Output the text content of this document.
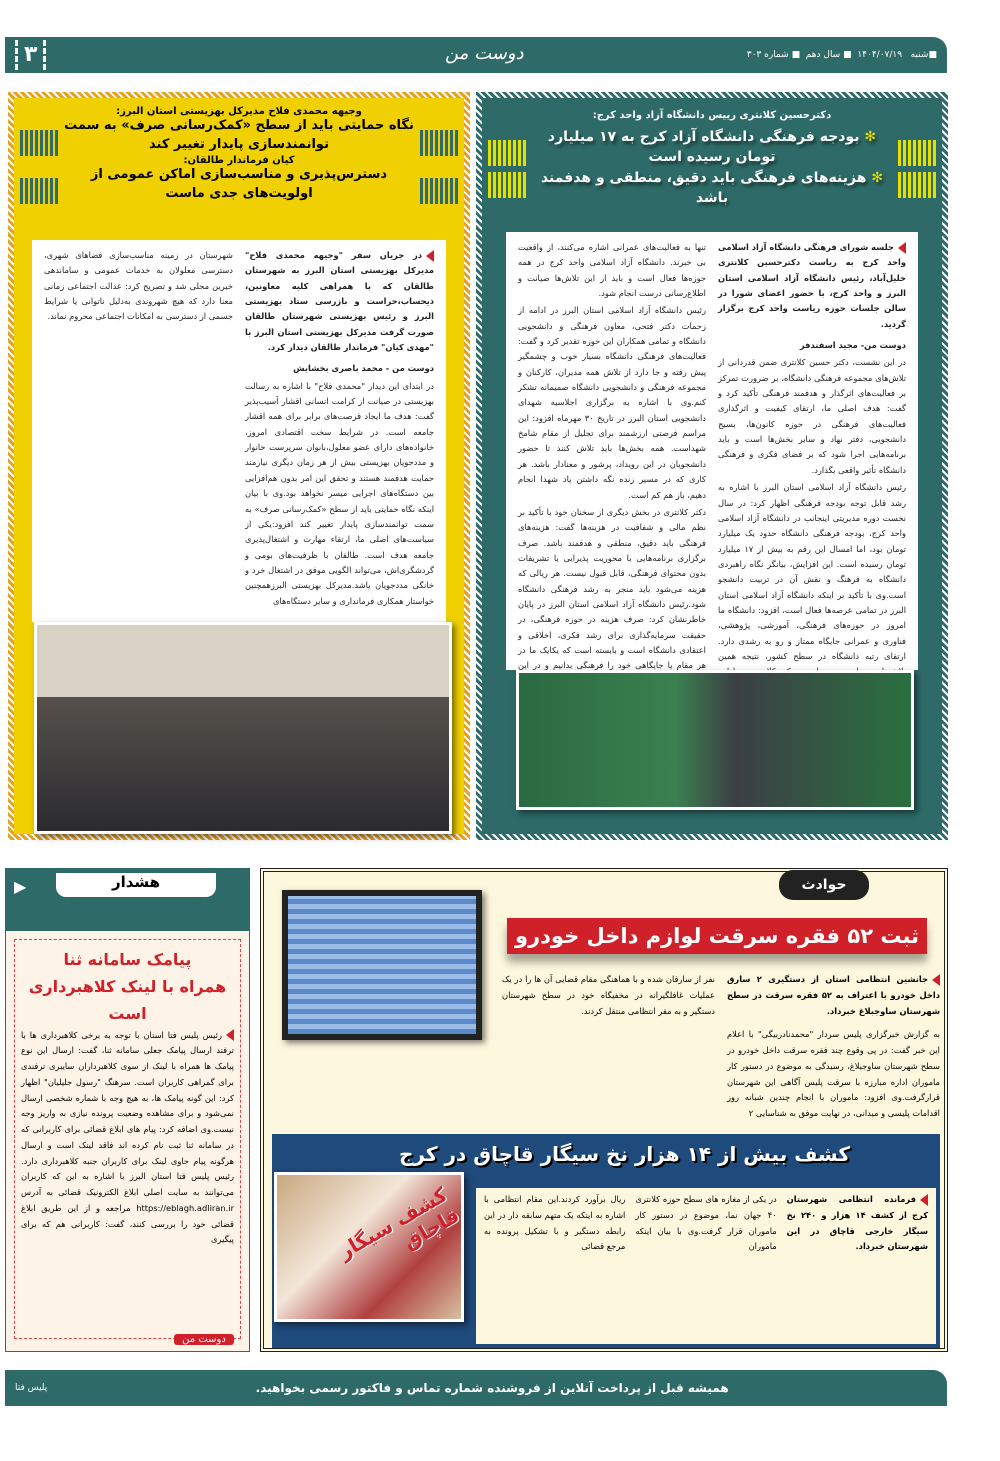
■شنبه   ۱۴۰۴/۰۷/۱۹  ■ سال دهم  ■ شماره ۳۰۳
دوست من
۳
دکترحسین کلانتری رییس دانشگاه آزاد واحد کرج:
✻ بودجه فرهنگی دانشگاه آزاد کرج به ۱۷ میلیارد تومان رسیده است
✻ هزینه‌های فرهنگی باید دقیق، منطقی و هدفمند باشد

جلسه شورای فرهنگی دانشگاه آزاد اسلامی واحد کرج به ریاست دکترحسین کلانتری خلیل‌آباد، رئیس دانشگاه آزاد اسلامی استان البرز و واحد کرج، با حضور اعضای شورا در سالن جلسات حوزه ریاست واحد کرج برگزار گردید.

دوست من- مجید اسفندفر

در این نشست، دکتر حسین کلانتری ضمن قدردانی از تلاش‌های مجموعه فرهنگی دانشگاه، بر ضرورت تمرکز بر فعالیت‌های اثرگذار و هدفمند فرهنگی تأکید کرد و گفت: هدف اصلی ما، ارتقای کیفیت و اثرگذاری فعالیت‌های فرهنگی در حوزه کانون‌ها، بسیج دانشجویی، دفتر نهاد و سایر بخش‌ها است و باید برنامه‌هایی اجرا شود که بر فضای فکری و فرهنگی دانشگاه تأثیر واقعی بگذارد.

رئیس دانشگاه آزاد اسلامی استان البرز با اشاره به رشد قابل توجه بودجه فرهنگی اظهار کرد: در سال نخست دوره مدیریتی اینجانب در دانشگاه آزاد اسلامی واحد کرج، بودجه فرهنگی دانشگاه حدود یک میلیارد تومان بود، اما امسال این رقم به بیش از ۱۷ میلیارد تومان رسیده است. این افزایش، بیانگر نگاه راهبردی دانشگاه به فرهنگ و نقش آن در تربیت دانشجو است.وی با تأکید بر اینکه دانشگاه آزاد اسلامی استان البرز در تمامی عرصه‌ها فعال است، افزود: دانشگاه ما امروز در حوزه‌های فرهنگی، آموزشی، پژوهشی، فناوری و عمرانی جایگاه ممتاز و رو به رشدی دارد. ارتقای رتبه دانشگاه در سطح کشور، نتیجه همین

تنها به فعالیت‌های عمرانی اشاره می‌کنند، از واقعیت بی خبرند. دانشگاه آزاد اسلامی واحد کرج در همه حوزه‌ها فعال است و باید از این تلاش‌ها صیانت و اطلاع‌رسانی درست انجام شود.

رئیس دانشگاه آزاد اسلامی استان البرز در ادامه از زحمات دکتر فتحی، معاون فرهنگی و دانشجویی دانشگاه و تمامی همکاران این حوزه تقدیر کرد و گفت: فعالیت‌های فرهنگی دانشگاه بسیار خوب و چشمگیر پیش رفته و جا دارد از تلاش همه مدیران، کارکنان و مجموعه فرهنگی و دانشجویی دانشگاه صمیمانه تشکر کنم.وی با اشاره به برگزاری اجلاسیه شهدای دانشجویی استان البرز در تاریخ ۳۰ مهرماه افزود: این مراسم فرصتی ارزشمند برای تجلیل از مقام شامخ شهداست. همه بخش‌ها باید تلاش کنند تا حضور دانشجویان در این رویداد، پرشور و معنادار باشد. هر کاری که در مسیر زنده نگه داشتن یاد شهدا انجام دهیم، باز هم کم است.

دکتر کلانتری در بخش دیگری از سخنان خود با تأکید بر نظم مالی و شفافیت در هزینه‌ها گفت: هزینه‌های فرهنگی باید دقیق، منطقی و هدفمند باشد. صرف برگزاری برنامه‌هایی با محوریت پذیرایی یا تشریفات بدون محتوای فرهنگی، قابل قبول نیست. هر ریالی که هزینه می‌شود باید منجر به رشد فرهنگی دانشگاه شود.رئیس دانشگاه آزاد اسلامی استان البرز در پایان خاطرنشان کرد: صرف هزینه در حوزه فرهنگی، در حقیقت سرمایه‌گذاری برای رشد فکری، اخلاقی و اعتقادی دانشگاه است و بایسته است که یکایک ما در هر مقام یا جایگاهی خود را فرهنگی بدانیم و در این

وجیهه محمدی فلاح مدیرکل بهزیستی استان البرز:
نگاه حمایتی باید از سطح «کمک‌رسانی صرف» به سمت توانمندسازی پایدار تغییر کند
کیان فرماندار طالقان:
دسترس‌پذیری و مناسب‌سازی اماکن عمومی از اولویت‌های جدی ماست

در جریان سفر "وجیهه محمدی فلاح" مدیرکل بهزیستی استان البرز به شهرستان طالقان که با همراهی کلیه معاونین، ذیحساب،حراست و بازرسی ستاد بهزیستی البرز و رئیس بهزیستی شهرستان طالقان صورت گرفت مدیرکل بهزیستی استان البرز با "مهدی کیان" فرماندار طالقان دیدار کرد.

دوست من - محمد باصری بخشایش

در ابتدای این دیدار "محمدی فلاح" با اشاره به رسالت بهزیستی در صیانت از کرامت انسانی اقشار آسیب‌پذیر گفت: هدف ما ایجاد فرصت‌های برابر برای همه اقشار جامعه است. در شرایط سخت اقتصادی امروز، خانواده‌های دارای عضو معلول،بانوان سرپرست خانوار و مددجویان بهزیستی بیش از هر زمان دیگری نیازمند حمایت هدفمند هستند و تحقق این امر بدون هم‌افزایی بین دستگاه‌های اجرایی میسر نخواهد بود.وی با بیان اینکه نگاه حمایتی باید از سطح «کمک‌رسانی صرف» به سمت توانمندسازی پایدار تغییر کند افزود:یکی از سیاست‌های اصلی ما، ارتقاء مهارت و اشتغال‌پذیری جامعه هدف است. طالقان با ظرفیت‌های بومی و گردشگری‌اش، می‌تواند الگویی موفق در اشتغال خرد و خانگی مددجویان باشد.مدیرکل بهزیستی البرزهمچنین خواستار همکاری فرمانداری و سایر دستگاه‌های

شهرستان در زمینه مناسب‌سازی فضاهای شهری، دسترسی معلولان به خدمات عمومی و ساماندهی خیرین محلی شد و تصریح کرد: عدالت اجتماعی زمانی معنا دارد که هیچ شهروندی به‌دلیل ناتوانی یا شرایط جسمی از دسترسی به امکانات اجتماعی محروم نماند.

هشدار
▶
پیامک سامانه ثنا
همراه با لینک کلاهبرداری است

رئیس پلیس فتا استان با توجه به برخی کلاهبرداری ها با ترفند ارسال پیامک جعلی سامانه ثنا، گفت: ارسال این نوع پیامک ها همراه با لینک از سوی کلاهبرداران سایبری ترفندی برای گمراهی کاربران است. سرهنگ "رسول جلیلیان" اظهار کرد: این گونه پیامک ها، به هیچ وجه با شماره شخصی ارسال نمی‌شود و برای مشاهده وضعیت پرونده نیازی به واریز وجه نیست.وی اضافه کرد: پیام های ابلاغ قضائی برای کاربرانی که در سامانه ثنا ثبت نام کرده اند فاقد لینک است و ارسال هرگونه پیام حاوی لینک برای کاربران جنبه کلاهبرداری دارد. رئیس پلیس فتا استان البرز با اشاره به این که کاربران می‌توانند به سایت اصلی ابلاغ الکترونیک قضائی به آدرس https://eblagh.adliran.ir مراجعه و از این طریق ابلاغ قضائی خود را بررسی کنند، گفت: کاربرانی هم که برای پیگیری

دوست من
حوادث
ثبت ۵۲ فقره سرقت لوازم داخل خودرو

جانشین انتظامی استان از دستگیری ۲ سارق داخل خودرو با اعتراف به ۵۲ فقره سرقت در سطح شهرستان ساوجبلاغ خبرداد.

به گزارش خبرگزاری پلیس سردار "محمدنادربیگی" با اعلام این خبر گفت: در پی وقوع چند فقره سرقت داخل خودرو در سطح شهرستان ساوجبلاغ، رسیدگی به موضوع در دستور کار ماموران اداره مبارزه با سرقت پلیس آگاهی این شهرستان قرارگرفت.وی افزود: ماموران با انجام چندین شبانه روز اقدامات پلیسی و میدانی، در نهایت موفق به شناسایی ۲

نفر از سارقان شده و با هماهنگی مقام قضایی آن ها را در یک عملیات غافلگیرانه در مخفیگاه خود در سطح شهرستان دستگیر و به مقر انتظامی منتقل کردند.

کشف بیش از ۱۴ هزار نخ سیگار قاچاق در کرج
کشف سیگار قاچاق

فرمانده انتظامی شهرستان کرج از کشف ۱۴ هزار و ۲۴۰ نخ سیگار خارجی قاچاق در این شهرستان خبرداد.

در یکی از مغازه های سطح حوزه کلانتری ۴۰ جهان نما، موضوع در دستور کار ماموران قرار گرفت.وی با بیان اینکه ماموران

ریال برآورد کردند.این مقام انتظامی با اشاره به اینکه یک متهم سابقه دار در این رابطه دستگیر و با تشکیل پرونده به مرجع قضائی

همیشه قبل از پرداخت آنلاین از فروشنده شماره تماس و فاکتور رسمی بخواهید.
پلیس فتا
